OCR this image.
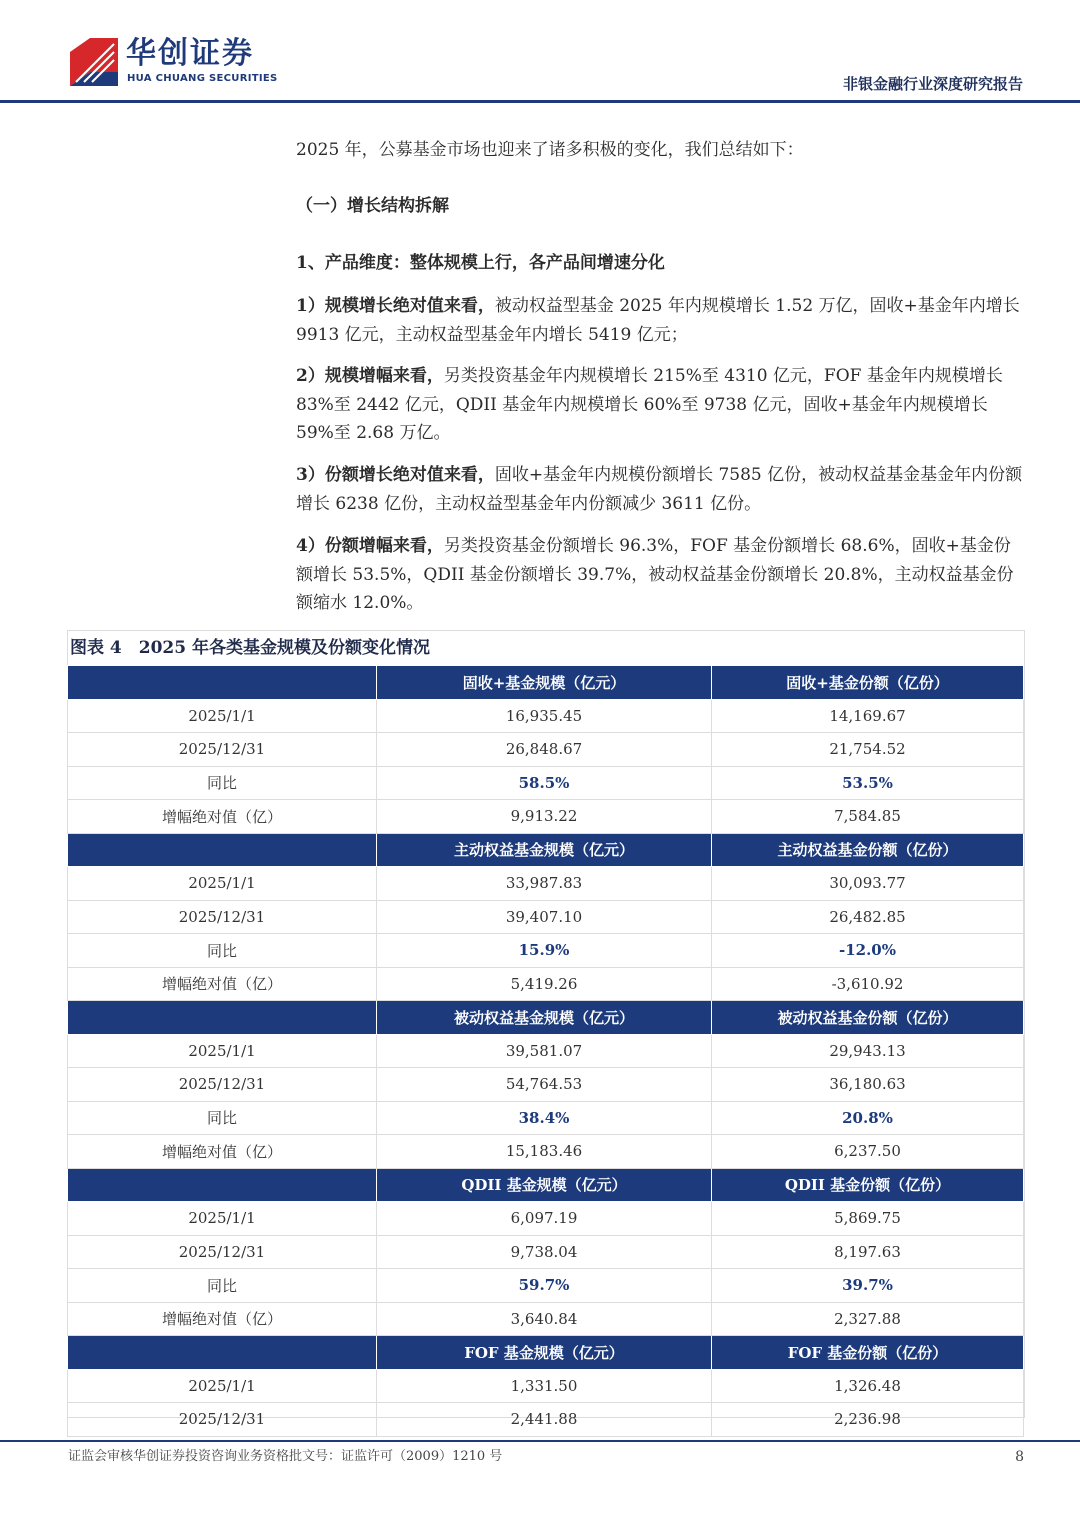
华创证券
HUA CHUANG SECURITIES	非银金融行业深度研究报告
2025 年，公募基金市场也迎来了诸多积极的变化，我们总结如下：
（一）增长结构拆解
1、产品维度：整体规模上行，各产品间增速分化
1）规模增长绝对值来看，被动权益型基金 2025 年内规模增长 1.52 万亿，固收+基金年内增长 9913 亿元，主动权益型基金年内增长 5419 亿元；
2）规模增幅来看，另类投资基金年内规模增长 215%至 4310 亿元，FOF 基金年内规模增长 83%至 2442 亿元，QDII 基金年内规模增长 60%至 9738 亿元，固收+基金年内规模增长 59%至 2.68 万亿。
3）份额增长绝对值来看，固收+基金年内规模份额增长 7585 亿份，被动权益基金基金年内份额增长 6238 亿份，主动权益型基金年内份额减少 3611 亿份。
4）份额增幅来看，另类投资基金份额增长 96.3%，FOF 基金份额增长 68.6%，固收+基金份额增长 53.5%，QDII 基金份额增长 39.7%，被动权益基金份额增长 20.8%，主动权益基金份额缩水 12.0%。
图表 4　2025 年各类基金规模及份额变化情况
	固收+基金规模（亿元）	固收+基金份额（亿份）
2025/1/1	16,935.45	14,169.67
2025/12/31	26,848.67	21,754.52
同比	58.5%	53.5%
增幅绝对值（亿）	9,913.22	7,584.85
	主动权益基金规模（亿元）	主动权益基金份额（亿份）
2025/1/1	33,987.83	30,093.77
2025/12/31	39,407.10	26,482.85
同比	15.9%	-12.0%
增幅绝对值（亿）	5,419.26	-3,610.92
	被动权益基金规模（亿元）	被动权益基金份额（亿份）
2025/1/1	39,581.07	29,943.13
2025/12/31	54,764.53	36,180.63
同比	38.4%	20.8%
增幅绝对值（亿）	15,183.46	6,237.50
	QDII 基金规模（亿元）	QDII 基金份额（亿份）
2025/1/1	6,097.19	5,869.75
2025/12/31	9,738.04	8,197.63
同比	59.7%	39.7%
增幅绝对值（亿）	3,640.84	2,327.88
	FOF 基金规模（亿元）	FOF 基金份额（亿份）
2025/1/1	1,331.50	1,326.48
2025/12/31	2,441.88	2,236.98
证监会审核华创证券投资咨询业务资格批文号：证监许可（2009）1210 号	8
